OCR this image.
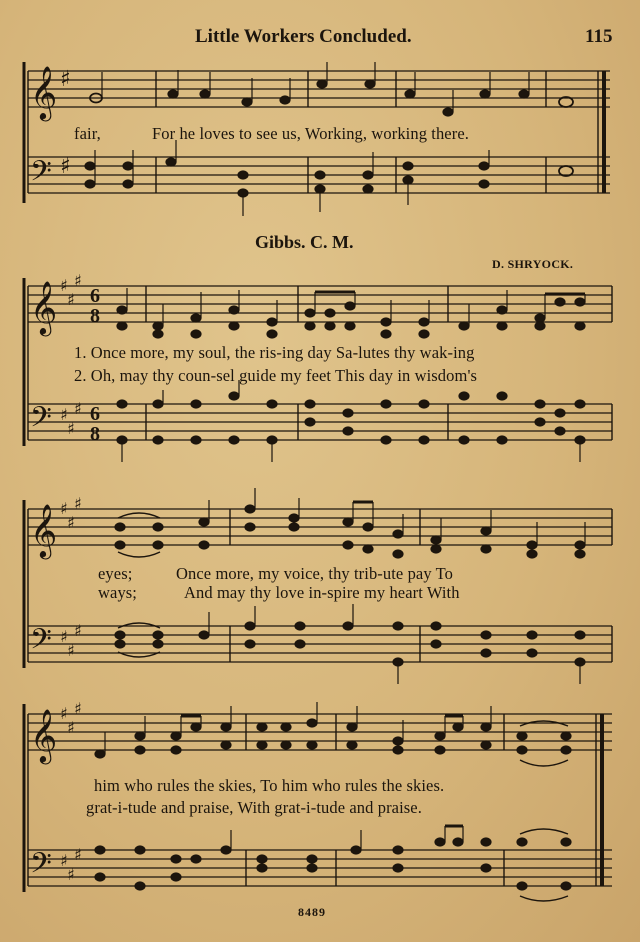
𝄞
𝄢
♯
♯
𝄞
𝄢
♯
♯
♯
♯
♯
♯
6
8
6
8
𝄞
𝄢
♯
♯
♯
♯
♯
♯
𝄞
𝄢
♯
♯
♯
♯
♯
♯
Little Workers Concluded.	115
fair,	For he loves to see us, Working, working there.
Gibbs. C. M.
D. SHRYOCK.
1. Once more, my soul, the ris-ing day Sa-lutes thy wak-ing
2. Oh, may thy coun-sel guide my feet This day in wisdom's
eyes;	Once more, my voice, thy trib-ute pay To
ways;	And may thy love in-spire my heart With
him who rules the skies, To him who rules the skies.
grat-i-tude and praise, With grat-i-tude and praise.
8489
